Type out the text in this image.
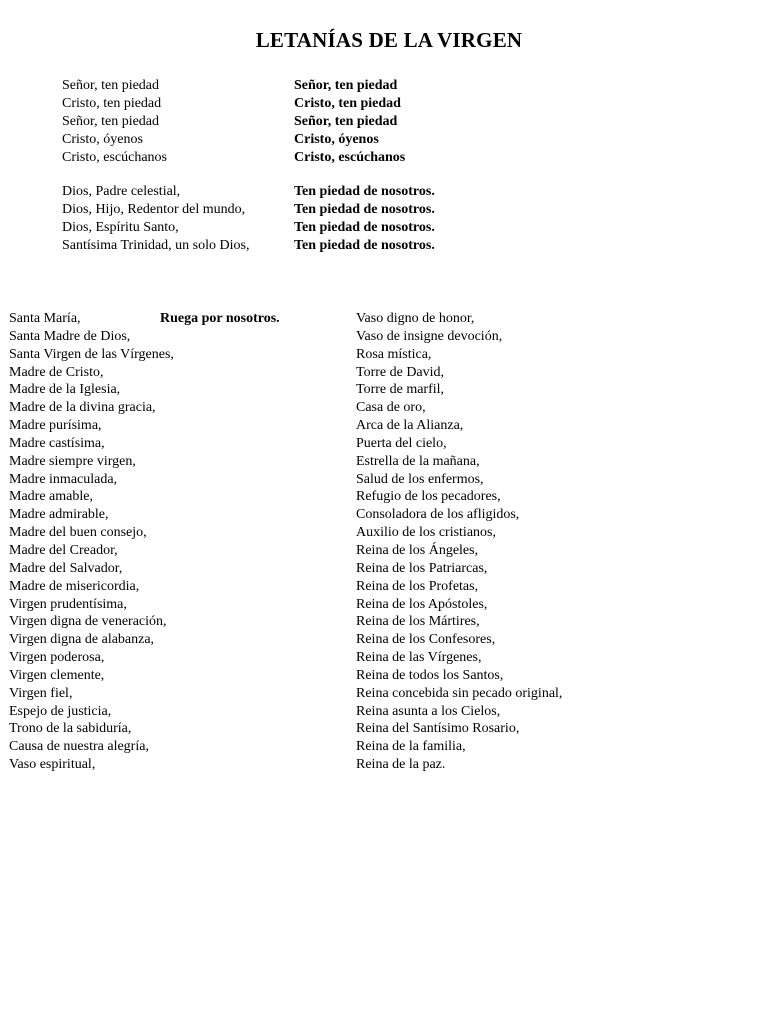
LETANÍAS DE LA VIRGEN
Señor, ten piedad	Señor, ten piedad
Cristo, ten piedad	Cristo, ten piedad
Señor, ten piedad	Señor, ten piedad
Cristo, óyenos	Cristo, óyenos
Cristo, escúchanos	Cristo, escúchanos
Dios, Padre celestial,	Ten piedad de nosotros.
Dios, Hijo, Redentor del mundo,	Ten piedad de nosotros.
Dios, Espíritu Santo,	Ten piedad de nosotros.
Santísima Trinidad, un solo Dios,	Ten piedad de nosotros.
Santa María,	Ruega por nosotros.
Santa Madre de Dios,
Santa Virgen de las Vírgenes,
Madre de Cristo,
Madre de la Iglesia,
Madre de la divina gracia,
Madre purísima,
Madre castísima,
Madre siempre virgen,
Madre inmaculada,
Madre amable,
Madre admirable,
Madre del buen consejo,
Madre del Creador,
Madre del Salvador,
Madre de misericordia,
Virgen prudentísima,
Virgen digna de veneración,
Virgen digna de alabanza,
Virgen poderosa,
Virgen clemente,
Virgen fiel,
Espejo de justicia,
Trono de la sabiduría,
Causa de nuestra alegría,
Vaso espiritual,
Vaso digno de honor,
Vaso de insigne devoción,
Rosa mística,
Torre de David,
Torre de marfil,
Casa de oro,
Arca de la Alianza,
Puerta del cielo,
Estrella de la mañana,
Salud de los enfermos,
Refugio de los pecadores,
Consoladora de los afligidos,
Auxilio de los cristianos,
Reina de los Ángeles,
Reina de los Patriarcas,
Reina de los Profetas,
Reina de los Apóstoles,
Reina de los Mártires,
Reina de los Confesores,
Reina de las Vírgenes,
Reina de todos los Santos,
Reina concebida sin pecado original,
Reina asunta a los Cielos,
Reina del Santísimo Rosario,
Reina de la familia,
Reina de la paz.
